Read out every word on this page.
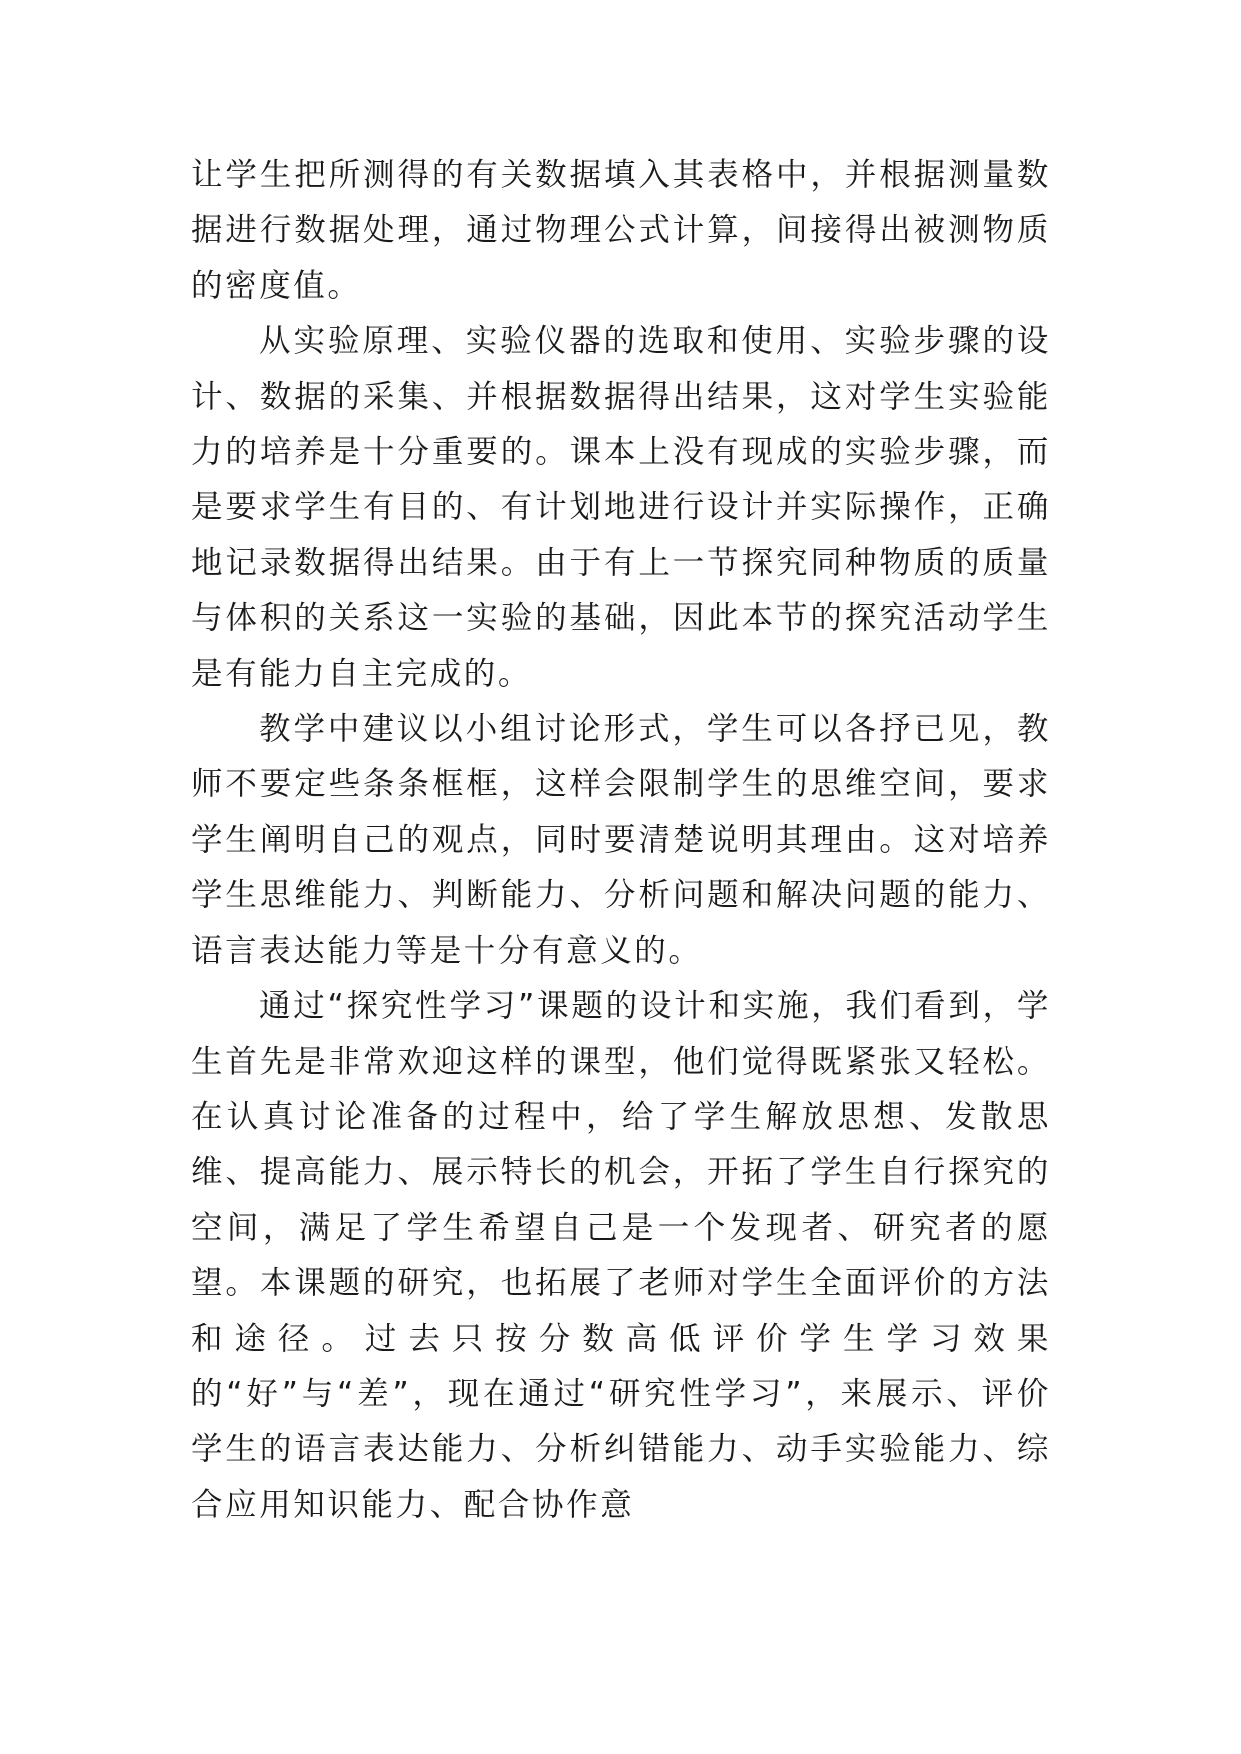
让学生把所测得的有关数据填入其表格中，并根据测量数据进行数据处理，通过物理公式计算，间接得出被测物质的密度值。

从实验原理、实验仪器的选取和使用、实验步骤的设计、数据的采集、并根据数据得出结果，这对学生实验能力的培养是十分重要的。课本上没有现成的实验步骤，而是要求学生有目的、有计划地进行设计并实际操作，正确地记录数据得出结果。由于有上一节探究同种物质的质量与体积的关系这一实验的基础，因此本节的探究活动学生是有能力自主完成的。

教学中建议以小组讨论形式，学生可以各抒已见，教师不要定些条条框框，这样会限制学生的思维空间，要求学生阐明自己的观点，同时要清楚说明其理由。这对培养学生思维能力、判断能力、分析问题和解决问题的能力、语言表达能力等是十分有意义的。

通过“探究性学习”课题的设计和实施，我们看到，学生首先是非常欢迎这样的课型，他们觉得既紧张又轻松。在认真讨论准备的过程中，给了学生解放思想、发散思维、提高能力、展示特长的机会，开拓了学生自行探究的空间，满足了学生希望自己是一个发现者、研究者的愿望。本课题的研究，也拓展了老师对学生全面评价的方法和途径。过去只按分数高低评价学生学习效果的“好”与“差”，现在通过“研究性学习”，来展示、评价学生的语言表达能力、分析纠错能力、动手实验能力、综合应用知识能力、配合协作意
